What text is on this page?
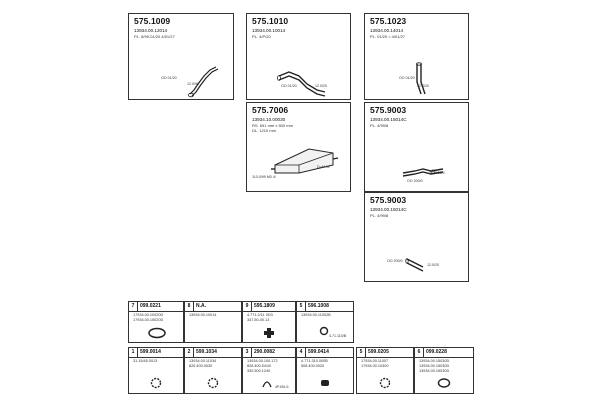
575.1009
13934.00.12014
PL. 8/99-01/20 4/01/27
OO 01/20
12.0/99
575.1010
13934.00.10014
PL. 4/P/20
OO 01/20	12.0/20
575.1023
13934.00.14014
PL. 01/20 > 4/01/27
OO 01/20
12.0/20
575.7006
13934.10.00030
RS. 691 mm x 500 mm
DL. 1210 mm
110.0/99 M0 4/
D=M 49
575.9003
13934.00.15014C
PL. 4/99/8
OO 200/0
OO 200/0
575.9003
13934.00.15014C
PL. 4/99/8
OO 200/0
12.0/20
7	099.0221
17934.00.10020D
17934.00.15020D
8	N.A.
13934.00.10014
9	595.1809
4.771.2/11 0D3
347.50-00.13
5	596.1008
13934.00.11002B
4.71.110/B
1	599.0014
31.15/45.0013
2	599.1034
13934.00.11034
826.400.0030
3	290.0082
13934.00.100.172
828.400.D440
330.500.1240
4P.00L/1
4	599.0414
4.771.310.000B
508.400.0020
5	599.0205
17934.00.11007
17934.00.10300
6	099.0228
13934.00.15030D
13934.00.15030D
13934.00.15030D
